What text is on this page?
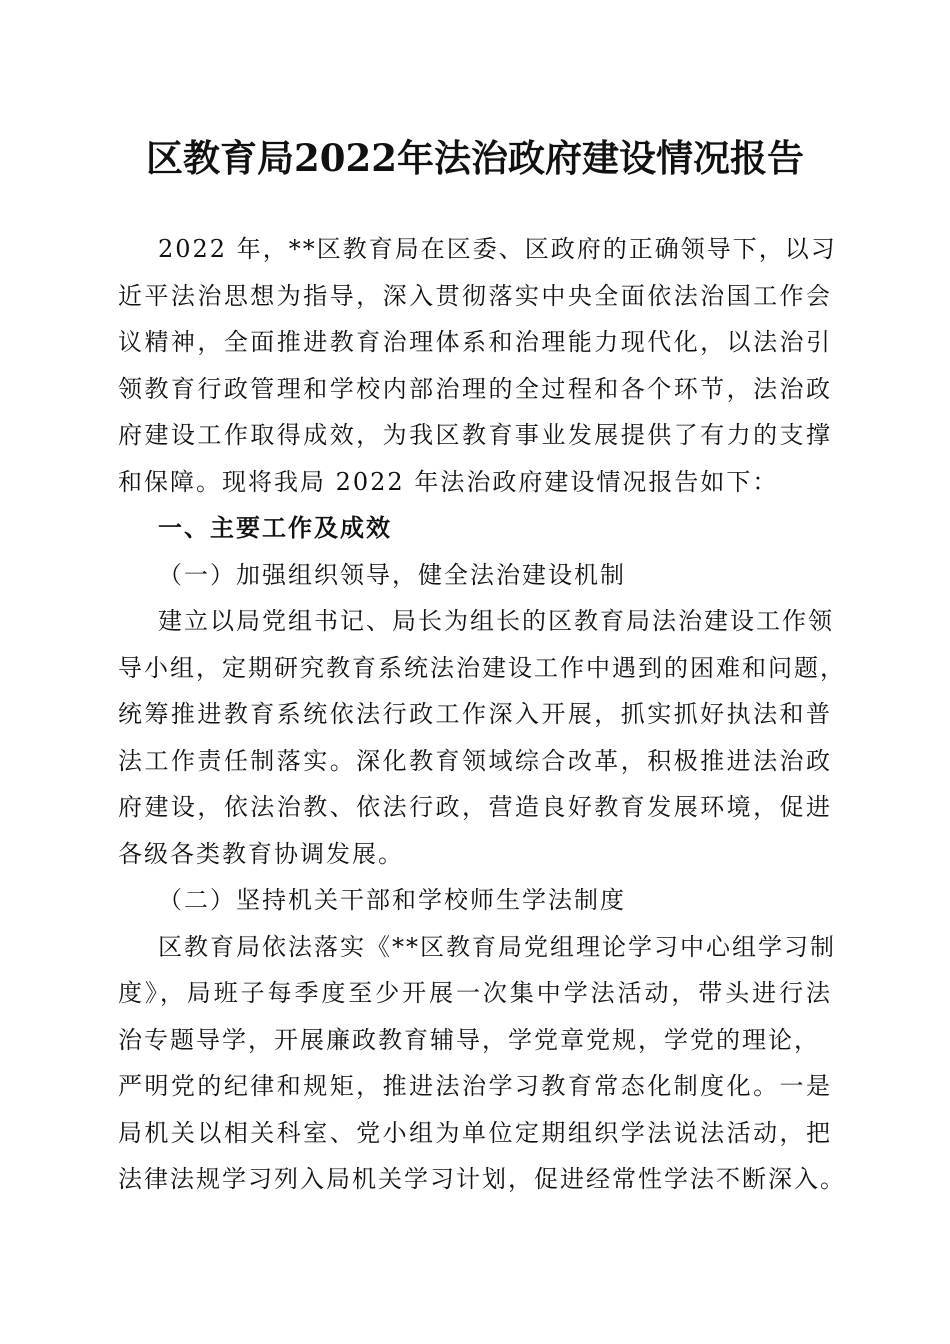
区教育局2022年法治政府建设情况报告
2022 年，**区教育局在区委、区政府的正确领导下，以习
近平法治思想为指导，深入贯彻落实中央全面依法治国工作会
议精神，全面推进教育治理体系和治理能力现代化，以法治引
领教育行政管理和学校内部治理的全过程和各个环节，法治政
府建设工作取得成效，为我区教育事业发展提供了有力的支撑
和保障。现将我局 2022 年法治政府建设情况报告如下：
一、主要工作及成效
（一）加强组织领导，健全法治建设机制
建立以局党组书记、局长为组长的区教育局法治建设工作领
导小组，定期研究教育系统法治建设工作中遇到的困难和问题，
统筹推进教育系统依法行政工作深入开展，抓实抓好执法和普
法工作责任制落实。深化教育领域综合改革，积极推进法治政
府建设，依法治教、依法行政，营造良好教育发展环境，促进
各级各类教育协调发展。
（二）坚持机关干部和学校师生学法制度
区教育局依法落实《**区教育局党组理论学习中心组学习制
度》，局班子每季度至少开展一次集中学法活动，带头进行法
治专题导学，开展廉政教育辅导，学党章党规，学党的理论，
严明党的纪律和规矩，推进法治学习教育常态化制度化。一是
局机关以相关科室、党小组为单位定期组织学法说法活动，把
法律法规学习列入局机关学习计划，促进经常性学法不断深入。
